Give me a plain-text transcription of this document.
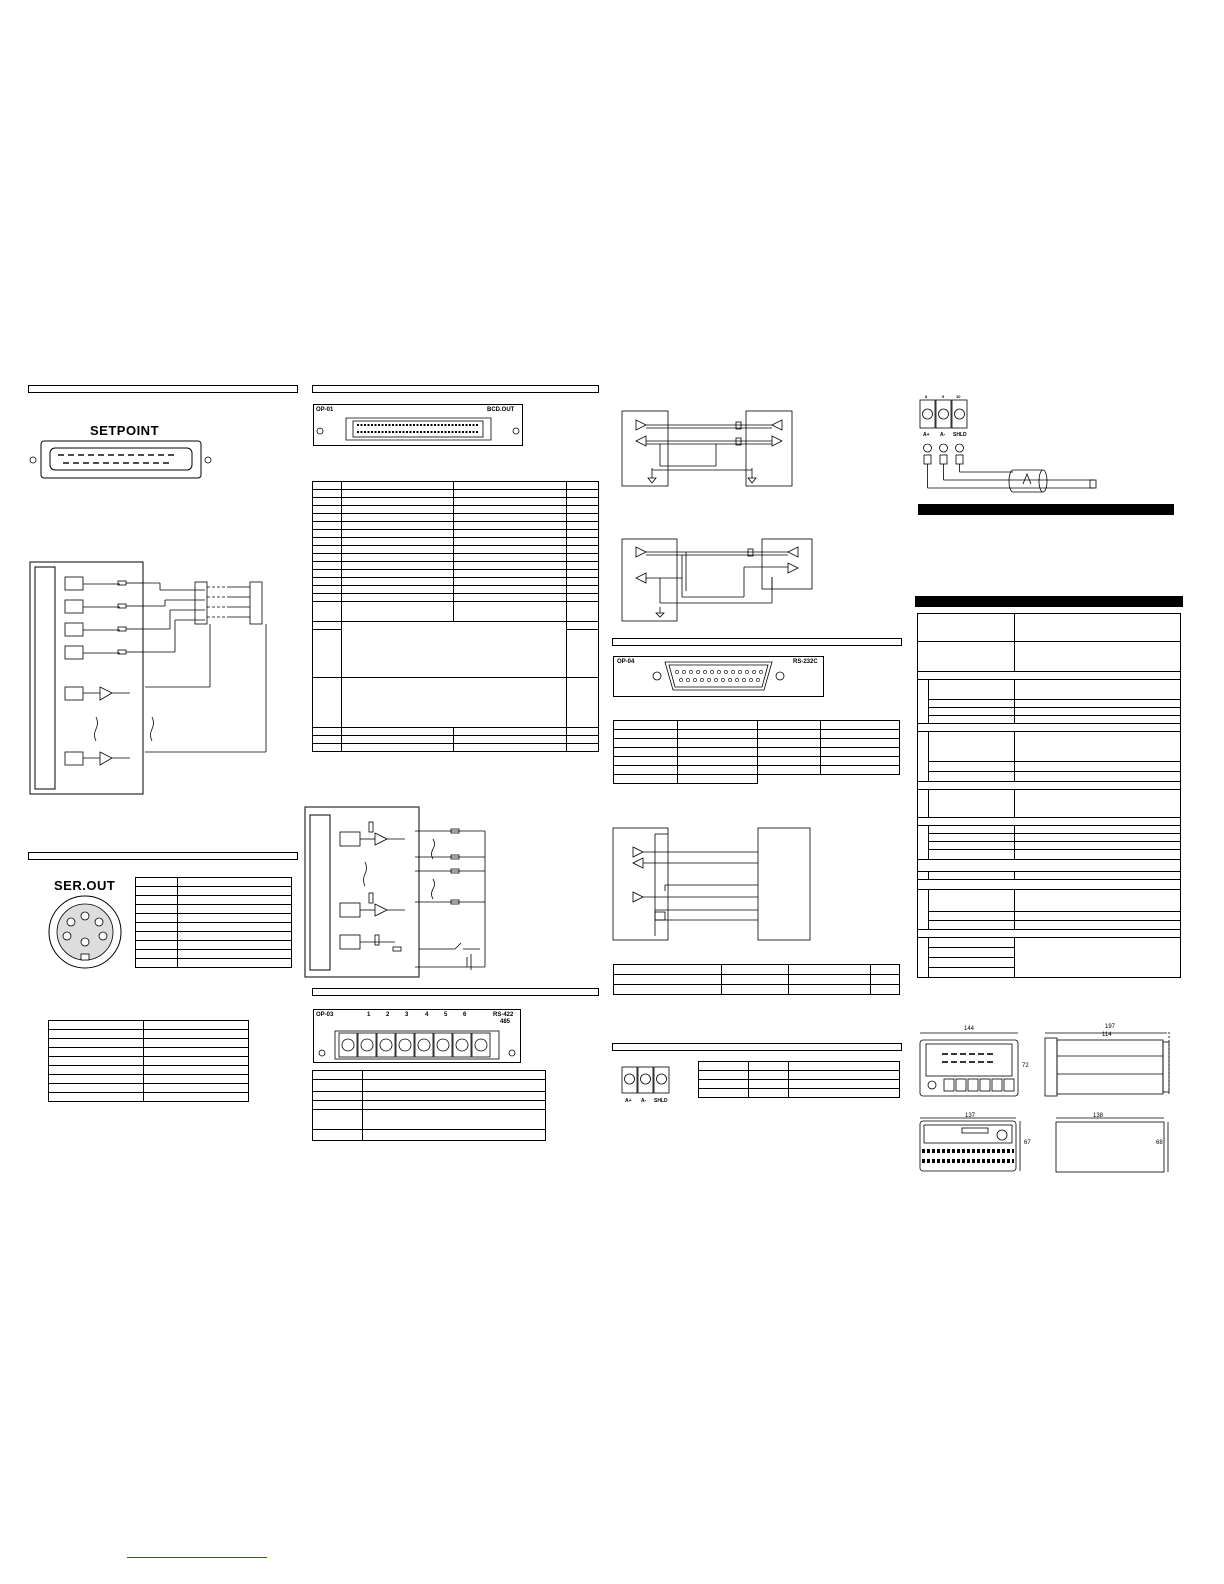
SETPOINT
SER.OUT

OP-01	BCD.OUT

OP-03	RS-422
485
1	2	3	4	5	6

OP-04	RS-232C

A+ A- SHLD

8	9	10
A+ A- SHLD

144
72
197
114
137
67
138
68
